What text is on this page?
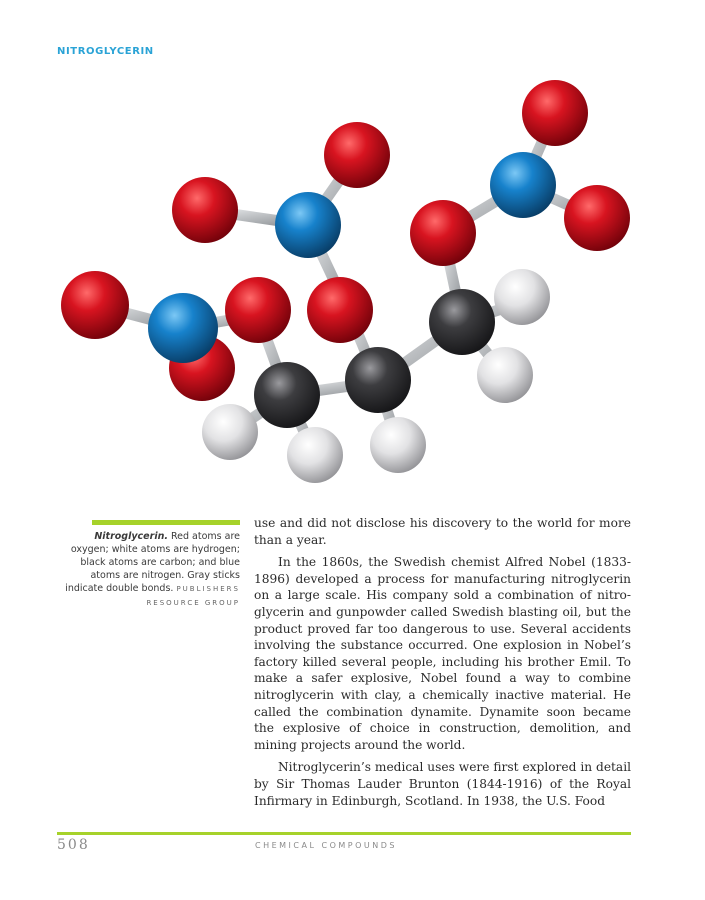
NITROGLYCERIN
Nitroglycerin. Red atoms are oxygen; white atoms are hydrogen; black atoms are carbon; and blue atoms are nitrogen. Gray sticks indicate double bonds. PUBLISHERS RESOURCE GROUP

use and did not disclose his discovery to the world for more than a year.

In the 1860s, the Swedish chemist Alfred Nobel (1833-1896) developed a process for manufacturing nitroglycerin on a large scale. His company sold a combination of nitro-glycerin and gunpowder called Swedish blasting oil, but the product proved far too dangerous to use. Several accidents involving the substance occurred. One explosion in Nobel’s factory killed several people, including his brother Emil. To make a safer explosive, Nobel found a way to combine nitroglycerin with clay, a chemically inactive material. He called the combination dynamite. Dynamite soon became the explosive of choice in construction, demolition, and mining projects around the world.

Nitroglycerin’s medical uses were first explored in detail by Sir Thomas Lauder Brunton (1844-1916) of the Royal Infirmary in Edinburgh, Scotland. In 1938, the U.S. Food

508	CHEMICAL COMPOUNDS
